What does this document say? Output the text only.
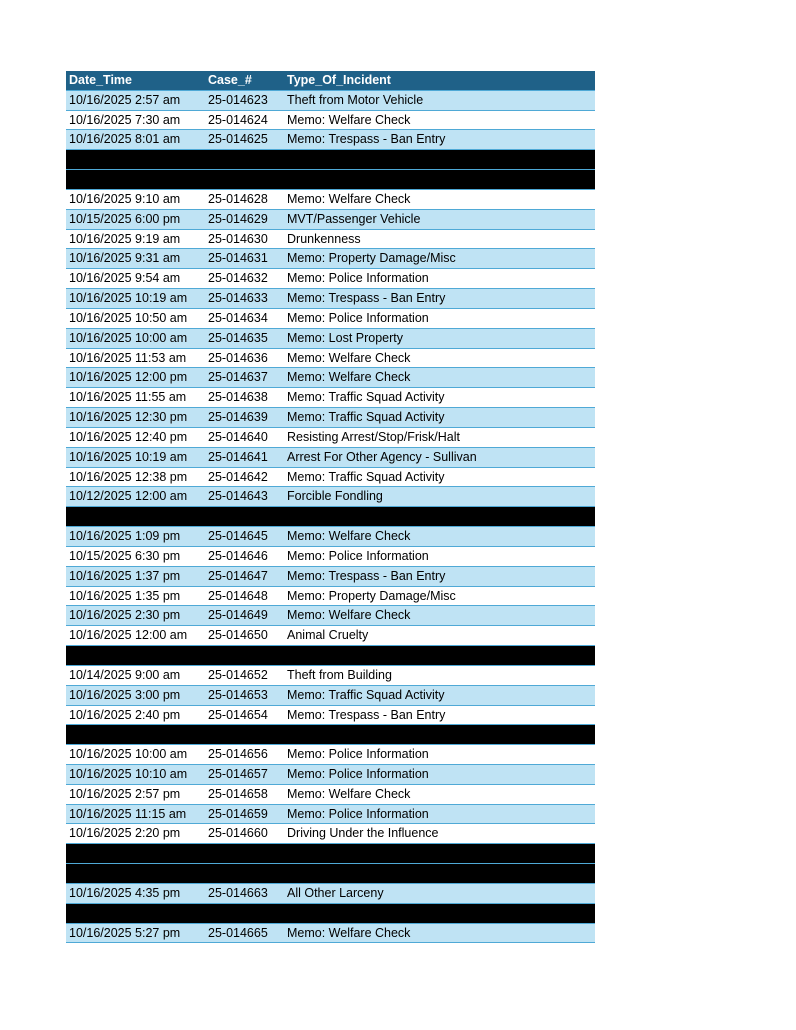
Date_Time	Case_#	Type_Of_Incident
10/16/2025 2:57 am	25-014623	Theft from Motor Vehicle
10/16/2025 7:30 am	25-014624	Memo: Welfare Check
10/16/2025 8:01 am	25-014625	Memo: Trespass - Ban Entry
10/16/2025 9:10 am	25-014628	Memo: Welfare Check
10/15/2025 6:00 pm	25-014629	MVT/Passenger Vehicle
10/16/2025 9:19 am	25-014630	Drunkenness
10/16/2025 9:31 am	25-014631	Memo: Property Damage/Misc
10/16/2025 9:54 am	25-014632	Memo: Police Information
10/16/2025 10:19 am	25-014633	Memo: Trespass - Ban Entry
10/16/2025 10:50 am	25-014634	Memo: Police Information
10/16/2025 10:00 am	25-014635	Memo: Lost Property
10/16/2025 11:53 am	25-014636	Memo: Welfare Check
10/16/2025 12:00 pm	25-014637	Memo: Welfare Check
10/16/2025 11:55 am	25-014638	Memo: Traffic Squad Activity
10/16/2025 12:30 pm	25-014639	Memo: Traffic Squad Activity
10/16/2025 12:40 pm	25-014640	Resisting Arrest/Stop/Frisk/Halt
10/16/2025 10:19 am	25-014641	Arrest For Other Agency - Sullivan
10/16/2025 12:38 pm	25-014642	Memo: Traffic Squad Activity
10/12/2025 12:00 am	25-014643	Forcible Fondling
10/16/2025 1:09 pm	25-014645	Memo: Welfare Check
10/15/2025 6:30 pm	25-014646	Memo: Police Information
10/16/2025 1:37 pm	25-014647	Memo: Trespass - Ban Entry
10/16/2025 1:35 pm	25-014648	Memo: Property Damage/Misc
10/16/2025 2:30 pm	25-014649	Memo: Welfare Check
10/16/2025 12:00 am	25-014650	Animal Cruelty
10/14/2025 9:00 am	25-014652	Theft from Building
10/16/2025 3:00 pm	25-014653	Memo: Traffic Squad Activity
10/16/2025 2:40 pm	25-014654	Memo: Trespass - Ban Entry
10/16/2025 10:00 am	25-014656	Memo: Police Information
10/16/2025 10:10 am	25-014657	Memo: Police Information
10/16/2025 2:57 pm	25-014658	Memo: Welfare Check
10/16/2025 11:15 am	25-014659	Memo: Police Information
10/16/2025 2:20 pm	25-014660	Driving Under the Influence
10/16/2025 4:35 pm	25-014663	All Other Larceny
10/16/2025 5:27 pm	25-014665	Memo: Welfare Check
